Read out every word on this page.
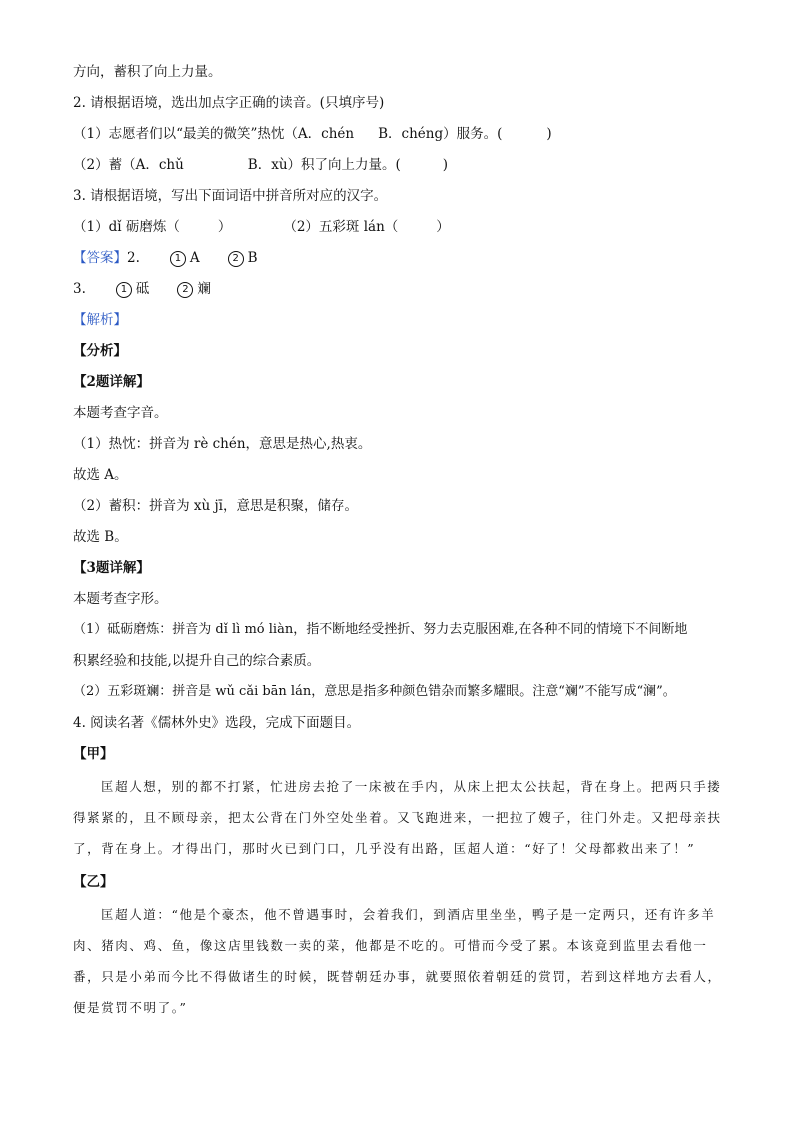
方向，蓄积了向上力量。
2. 请根据语境，选出加点字正确的读音。(只填序号)
（1）志愿者们以“最美的微笑”热忱（A．chén B．chéng）服务。(	)
（2）蓄（A．chǔ	B．xù）积了向上力量。(	)
3. 请根据语境，写出下面词语中拼音所对应的汉字。
（1）dǐ 砺磨炼（	）	（2）五彩斑 lán（	）
【答案】2.	1 A	2 B
3.	1 砥	2 斓
【解析】
【分析】
【2题详解】
本题考查字音。
（1）热忱：拼音为 rè chén，意思是热心,热衷。
故选 A。
（2）蓄积：拼音为 xù jī，意思是积聚，储存。
故选 B。
【3题详解】
本题考查字形。
（1）砥砺磨炼：拼音为 dǐ lì mó liàn，指不断地经受挫折、努力去克服困难,在各种不同的情境下不间断地
积累经验和技能,以提升自己的综合素质。
（2）五彩斑斓：拼音是 wǔ cǎi bān lán，意思是指多种颜色错杂而繁多耀眼。注意“斓”不能写成“澜”。
4. 阅读名著《儒林外史》选段，完成下面题目。
【甲】
匡超人想，别的都不打紧，忙进房去抢了一床被在手内，从床上把太公扶起，背在身上。把两只手搂
得紧紧的，且不顾母亲，把太公背在门外空处坐着。又飞跑进来，一把拉了嫂子，往门外走。又把母亲扶
了，背在身上。才得出门，那时火已到门口，几乎没有出路，匡超人道：“好了！父母都救出来了！”
【乙】
匡超人道：“他是个豪杰，他不曾遇事时，会着我们，到酒店里坐坐，鸭子是一定两只，还有许多羊
肉、猪肉、鸡、鱼，像这店里钱数一卖的菜，他都是不吃的。可惜而今受了累。本该竟到监里去看他一
番，只是小弟而今比不得做诸生的时候，既替朝廷办事，就要照依着朝廷的赏罚，若到这样地方去看人，
便是赏罚不明了。”
